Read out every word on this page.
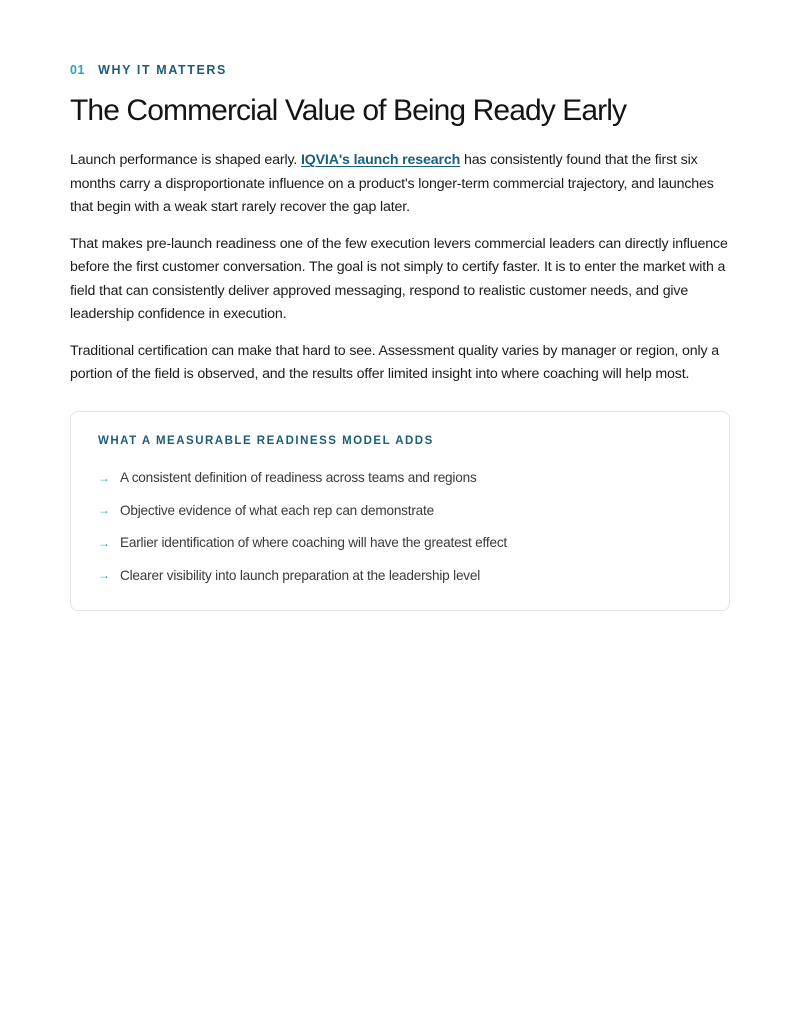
01 WHY IT MATTERS
The Commercial Value of Being Ready Early

Launch performance is shaped early. IQVIA's launch research has consistently found that the first six months carry a disproportionate influence on a product's longer-term commercial trajectory, and launches that begin with a weak start rarely recover the gap later.

That makes pre-launch readiness one of the few execution levers commercial leaders can directly influence before the first customer conversation. The goal is not simply to certify faster. It is to enter the market with a field that can consistently deliver approved messaging, respond to realistic customer needs, and give leadership confidence in execution.

Traditional certification can make that hard to see. Assessment quality varies by manager or region, only a portion of the field is observed, and the results offer limited insight into where coaching will help most.

WHAT A MEASURABLE READINESS MODEL ADDS
→ A consistent definition of readiness across teams and regions
→ Objective evidence of what each rep can demonstrate
→ Earlier identification of where coaching will have the greatest effect
→ Clearer visibility into launch preparation at the leadership level
